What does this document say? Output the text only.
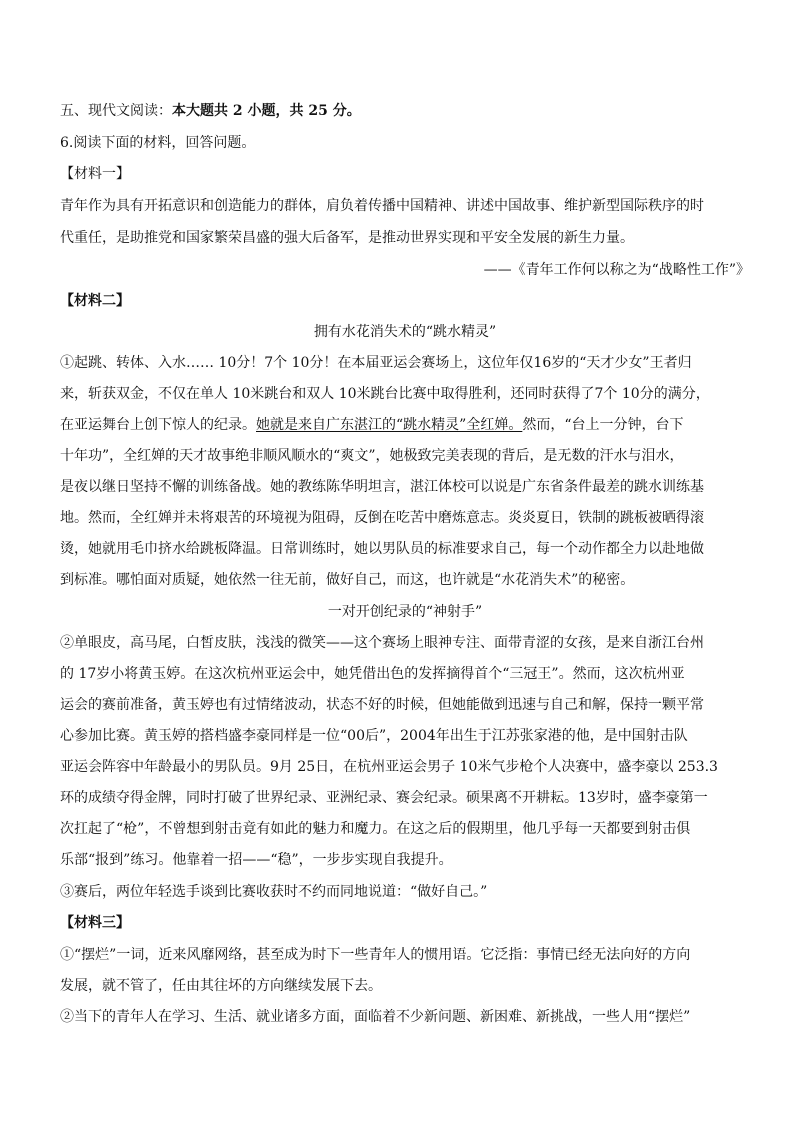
五、现代文阅读：本大题共 2 小题，共 25 分。
6.阅读下面的材料，回答问题。
【材料一】
青年作为具有开拓意识和创造能力的群体，肩负着传播中国精神、讲述中国故事、维护新型国际秩序的时
代重任，是助推党和国家繁荣昌盛的强大后备军，是推动世界实现和平安全发展的新生力量。
——《青年工作何以称之为“战略性工作”》
【材料二】
拥有水花消失术的“跳水精灵”
①起跳、转体、入水…… 10分！7个 10分！在本届亚运会赛场上，这位年仅16岁的“天才少女”王者归
来，斩获双金，不仅在单人 10米跳台和双人 10米跳台比赛中取得胜利，还同时获得了7个 10分的满分，
在亚运舞台上创下惊人的纪录。她就是来自广东湛江的“跳水精灵”全红婵。然而，“台上一分钟，台下
十年功”，全红婵的天才故事绝非顺风顺水的“爽文”，她极致完美表现的背后，是无数的汗水与泪水，
是夜以继日坚持不懈的训练备战。她的教练陈华明坦言，湛江体校可以说是广东省条件最差的跳水训练基
地。然而，全红婵并未将艰苦的环境视为阻碍，反倒在吃苦中磨炼意志。炎炎夏日，铁制的跳板被晒得滚
烫，她就用毛巾挤水给跳板降温。日常训练时，她以男队员的标准要求自己，每一个动作都全力以赴地做
到标准。哪怕面对质疑，她依然一往无前，做好自己，而这，也许就是“水花消失术”的秘密。
一对开创纪录的“神射手”
②单眼皮，高马尾，白皙皮肤，浅浅的微笑——这个赛场上眼神专注、面带青涩的女孩，是来自浙江台州
的 17岁小将黄玉婷。在这次杭州亚运会中，她凭借出色的发挥摘得首个“三冠王”。然而，这次杭州亚
运会的赛前准备，黄玉婷也有过情绪波动，状态不好的时候，但她能做到迅速与自己和解，保持一颗平常
心参加比赛。黄玉婷的搭档盛李豪同样是一位“00后”，2004年出生于江苏张家港的他，是中国射击队
亚运会阵容中年龄最小的男队员。9月 25日，在杭州亚运会男子 10米气步枪个人决赛中，盛李豪以 253.3
环的成绩夺得金牌，同时打破了世界纪录、亚洲纪录、赛会纪录。硕果离不开耕耘。13岁时，盛李豪第一
次扛起了“枪”，不曾想到射击竟有如此的魅力和魔力。在这之后的假期里，他几乎每一天都要到射击俱
乐部“报到”练习。他靠着一招——“稳”，一步步实现自我提升。
③赛后，两位年轻选手谈到比赛收获时不约而同地说道：“做好自己。”
【材料三】
①“摆烂”一词，近来风靡网络，甚至成为时下一些青年人的惯用语。它泛指：事情已经无法向好的方向
发展，就不管了，任由其往坏的方向继续发展下去。
②当下的青年人在学习、生活、就业诸多方面，面临着不少新问题、新困难、新挑战，一些人用“摆烂”
